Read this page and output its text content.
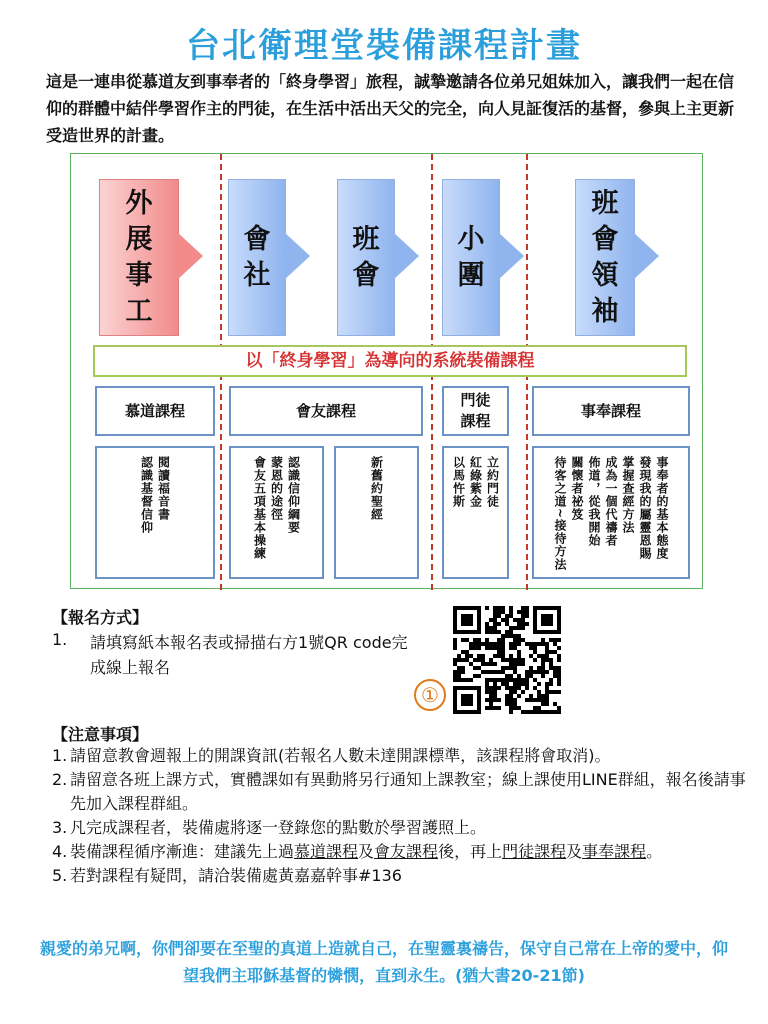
台北衛理堂裝備課程計畫
這是一連串從慕道友到事奉者的「終身學習」旅程，誠摯邀請各位弟兄姐妹加入，讓我們一起在信仰的群體中結伴學習作主的門徒，在生活中活出天父的完全，向人見証復活的基督，參與上主更新受造世界的計畫。
外
展
事
工
會
社
班
會
小
團
班
會
領
袖
以「終身學習」為導向的系統裝備課程
慕道課程	會友課程
門徒
課程
事奉課程
閱讀福音書
認識基督信仰	認識信仰綱要
蒙恩的途徑
會友五項基本操練	新舊約聖經	立約門徒
紅綠紫金
以馬忤斯	事奉者的基本態度
發現我的屬靈恩賜
掌握查經方法
成為一個代禱者
佈道，從我開始
關懷者祕笈
待客之道~接待方法
【報名方式】
1. 請填寫紙本報名表或掃描右方1號QR code完成線上報名
①
【注意事項】
1. 請留意教會週報上的開課資訊(若報名人數未達開課標準，該課程將會取消)。
2. 請留意各班上課方式，實體課如有異動將另行通知上課教室；線上課使用LINE群組，報名後請事先加入課程群組。
3. 凡完成課程者，裝備處將逐一登錄您的點數於學習護照上。
4. 裝備課程循序漸進：建議先上過慕道課程及會友課程後，再上門徒課程及事奉課程。
5. 若對課程有疑問，請洽裝備處黃嘉嘉幹事#136
親愛的弟兄啊，你們卻要在至聖的真道上造就自己，在聖靈裏禱告，保守自己常在上帝的愛中，仰望我們主耶穌基督的憐憫，直到永生。(猶大書20-21節)
